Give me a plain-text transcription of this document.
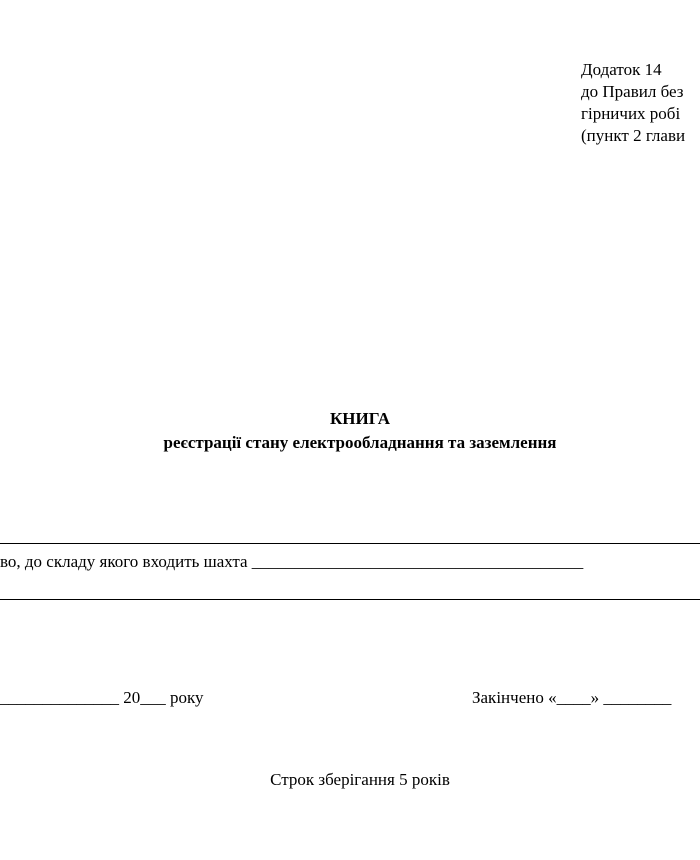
Додаток 14
до Правил без
гірничих робі
(пункт 2 глави
КНИГА
реєстрації стану електрообладнання та заземлення
во, до складу якого входить шахта _______________________________________
______________ 20___ року	Закінчено «____» ________
Строк зберігання 5 років
